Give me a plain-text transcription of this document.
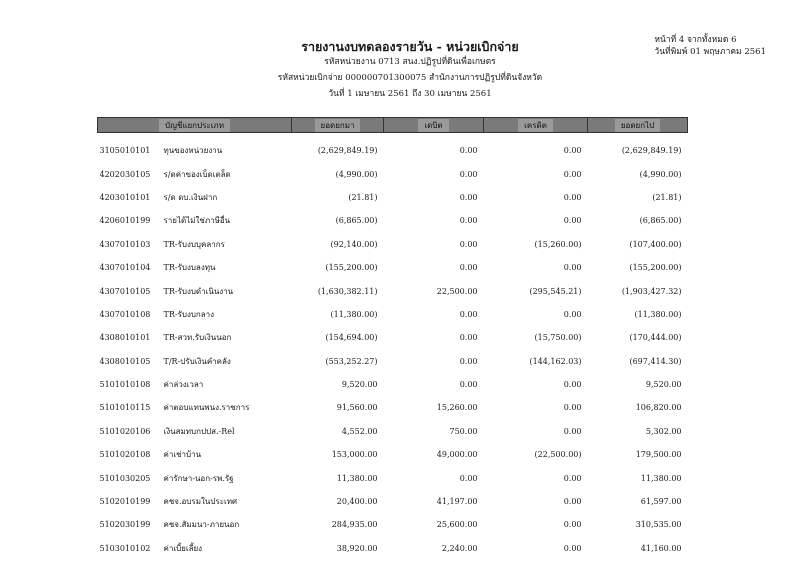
หน้าที่ 4 จากทั้งหมด 6
วันที่พิมพ์ 01 พฤษภาคม 2561
รายงานงบทดลองรายวัน - หน่วยเบิกจ่าย
รหัสหน่วยงาน 0713 สนง.ปฏิรูปที่ดินเพื่อเกษตร
รหัสหน่วยเบิกจ่าย 000000701300075 สำนักงานการปฏิรูปที่ดินจังหวัด
วันที่ 1 เมษายน 2561 ถึง 30 เมษายน 2561
บัญชีแยกประเภท		ยอดยกมา	เดบิต	เครดิต	ยอดยกไป
3105010101	ทุนของหน่วยงาน	(2,629,849.19)	0.00	0.00	(2,629,849.19)
4202030105	ร/ดค่าของเบ็ดเตล็ด	(4,990.00)	0.00	0.00	(4,990.00)
4203010101	ร/ด ดบ.เงินฝาก	(21.81)	0.00	0.00	(21.81)
4206010199	รายได้ไม่ใช่ภาษีอื่น	(6,865.00)	0.00	0.00	(6,865.00)
4307010103	TR-รับงบบุคลากร	(92,140.00)	0.00	(15,260.00)	(107,400.00)
4307010104	TR-รับงบลงทุน	(155,200.00)	0.00	0.00	(155,200.00)
4307010105	TR-รับงบดำเนินงาน	(1,630,382.11)	22,500.00	(295,545.21)	(1,903,427.32)
4307010108	TR-รับงบกลาง	(11,380.00)	0.00	0.00	(11,380.00)
4308010101	TR-สวท.รับเงินนอก	(154,694.00)	0.00	(15,750.00)	(170,444.00)
4308010105	T/R-ปรับเงินคำคลัง	(553,252.27)	0.00	(144,162.03)	(697,414.30)
5101010108	ค่าล่วงเวลา	9,520.00	0.00	0.00	9,520.00
5101010115	ค่าตอบแทนพนง.ราชการ	91,560.00	15,260.00	0.00	106,820.00
5101020106	เงินสมทบกปปส.-Rel	4,552.00	750.00	0.00	5,302.00
5101020108	ค่าเช่าบ้าน	153,000.00	49,000.00	(22,500.00)	179,500.00
5101030205	ค่ารักษา-นอก-รพ.รัฐ	11,380.00	0.00	0.00	11,380.00
5102010199	คชจ.อบรมในประเทศ	20,400.00	41,197.00	0.00	61,597.00
5102030199	คชจ.สัมมนา-ภายนอก	284,935.00	25,600.00	0.00	310,535.00
5103010102	ค่าเบี้ยเลี้ยง	38,920.00	2,240.00	0.00	41,160.00
